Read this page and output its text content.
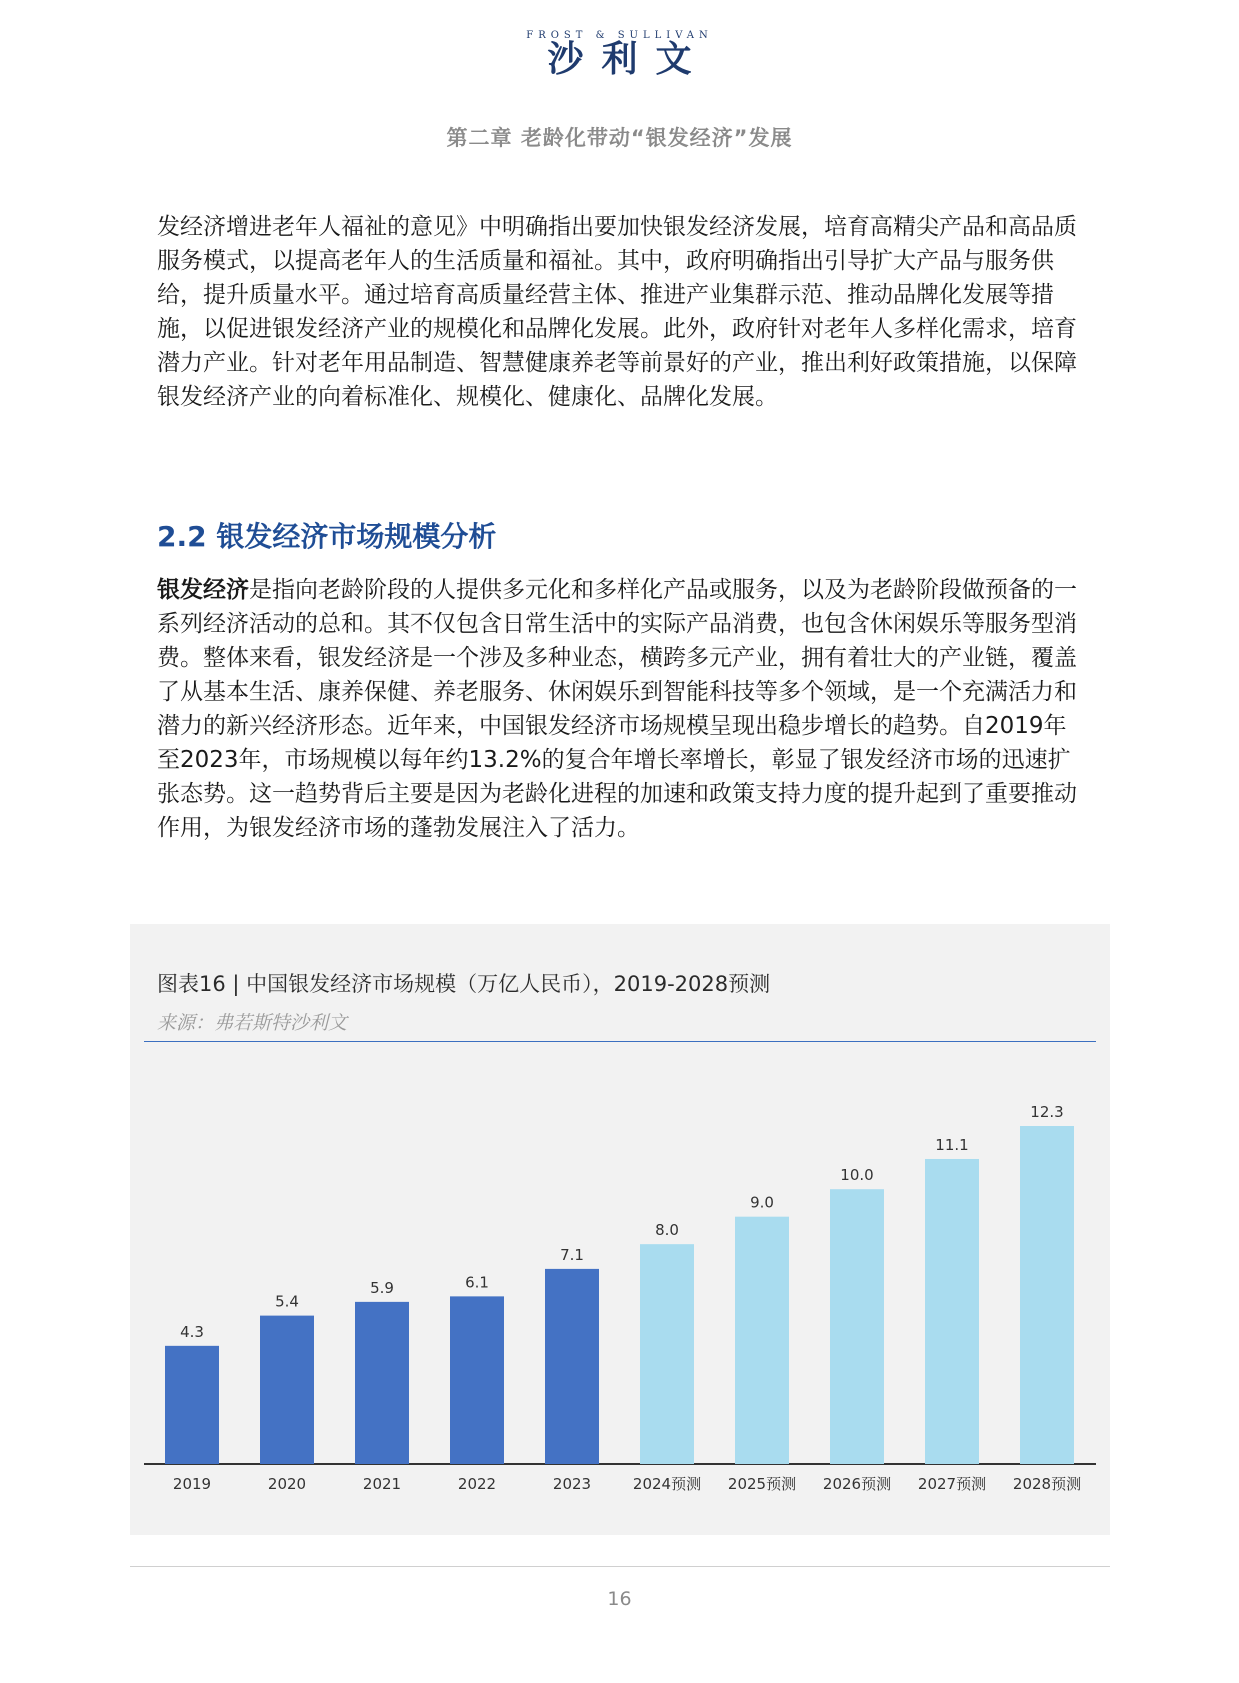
FROST & SULLIVAN
沙利文
第二章 老龄化带动“银发经济”发展

发经济增进老年人福祉的意见》中明确指出要加快银发经济发展，培育高精尖产品和高品质服务模式，以提高老年人的生活质量和福祉。其中，政府明确指出引导扩大产品与服务供给，提升质量水平。通过培育高质量经营主体、推进产业集群示范、推动品牌化发展等措施，以促进银发经济产业的规模化和品牌化发展。此外，政府针对老年人多样化需求，培育潜力产业。针对老年用品制造、智慧健康养老等前景好的产业，推出利好政策措施，以保障银发经济产业的向着标准化、规模化、健康化、品牌化发展。

2.2 银发经济市场规模分析

银发经济是指向老龄阶段的人提供多元化和多样化产品或服务，以及为老龄阶段做预备的一系列经济活动的总和。其不仅包含日常生活中的实际产品消费，也包含休闲娱乐等服务型消费。整体来看，银发经济是一个涉及多种业态，横跨多元产业，拥有着壮大的产业链，覆盖了从基本生活、康养保健、养老服务、休闲娱乐到智能科技等多个领域，是一个充满活力和潜力的新兴经济形态。近年来，中国银发经济市场规模呈现出稳步增长的趋势。自2019年至2023年，市场规模以每年约13.2%的复合年增长率增长，彰显了银发经济市场的迅速扩张态势。这一趋势背后主要是因为老龄化进程的加速和政策支持力度的提升起到了重要推动作用，为银发经济市场的蓬勃发展注入了活力。

图表16 | 中国银发经济市场规模（万亿人民币），2019-2028预测
来源：弗若斯特沙利文
4.3
2019
5.4
2020
5.9
2021
6.1
2022
7.1
2023
8.0
2024预测
9.0
2025预测
10.0
2026预测
11.1
2027预测
12.3
2028预测
16
